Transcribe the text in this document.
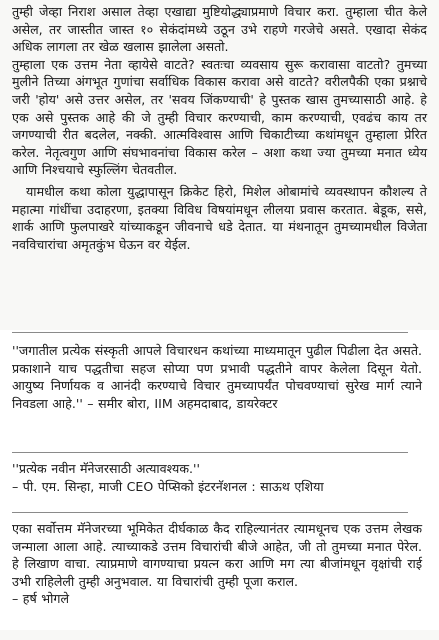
तुम्ही जेव्हा निराश असाल तेव्हा एखाद्या मुष्टियोद्ध्याप्रमाणे विचार करा. तुम्हाला चीत केले असेल, तर जास्तीत जास्त १० सेकंदांमध्ये उठून उभे राहणे गरजेचे असते. एखादा सेकंद अधिक लागला तर खेळ खलास झालेला असतो.

तुम्हाला एक उत्तम नेता व्हायेसे वाटते? स्वतःचा व्यवसाय सुरू करावासा वाटतो? तुमच्या मुलीने तिच्या अंगभूत गुणांचा सर्वाधिक विकास करावा असे वाटते? वरीलपैकी एका प्रश्नाचे जरी 'होय' असे उत्तर असेल, तर 'सवय जिंकण्याची' हे पुस्तक खास तुमच्यासाठी आहे. हे एक असे पुस्तक आहे की जे तुम्ही विचार करण्याची, काम करण्याची, एवढंच काय तर जगण्याची रीत बदलेल, नक्की. आत्मविश्वास आणि चिकाटीच्या कथांमधून तुम्हाला प्रेरित करेल. नेतृत्वगुण आणि संघभावनांचा विकास करेल – अशा कथा ज्या तुमच्या मनात ध्येय आणि निश्चयाचे स्फुल्लिंग चेतवतील.

यामधील कथा कोला युद्धापासून क्रिकेट हिरो, मिशेल ओबामांचे व्यवस्थापन कौशल्य ते महात्मा गांधींचा उदाहरणा, इतक्या विविध विषयांमधून लीलया प्रवास करतात. बेडूक, ससे, शार्क आणि फुलपाखरे यांच्याकडून जीवनाचे धडे देतात. या मंथनातून तुमच्यामधील विजेता नवविचारांचा अमृतकुंभ घेऊन वर येईल.

''जगातील प्रत्येक संस्कृती आपले विचारधन कथांच्या माध्यमातून पुढील पिढीला देत असते. प्रकाशाने याच पद्धतीचा सहज सोप्या पण प्रभावी पद्धतीने वापर केलेला दिसून येतो. आयुष्य निर्णायक व आनंदी करण्याचे विचार तुमच्यापर्यंत पोचवण्याचां सुरेख मार्ग त्याने निवडला आहे.'' – समीर बोरा, IIM अहमदाबाद, डायरेक्टर

''प्रत्येक नवीन मॅनेजरसाठी अत्यावश्यक.''
– पी. एम. सिन्हा, माजी CEO पेप्सिको इंटरनॅशनल : साऊथ एशिया

एका सर्वोत्तम मॅनेजरच्या भूमिकेत दीर्घकाळ कैद राहिल्यानंतर त्यामधूनच एक उत्तम लेखक जन्माला आला आहे. त्याच्याकडे उत्तम विचारांची बीजे आहेत, जी तो तुमच्या मनात पेरेल. हे लिखाण वाचा. त्याप्रमाणे वागण्याचा प्रयत्न करा आणि मग त्या बीजांमधून वृक्षांची राई उभी राहिलेली तुम्ही अनुभवाल. या विचारांची तुम्ही पूजा कराल.
– हर्ष भोगले
